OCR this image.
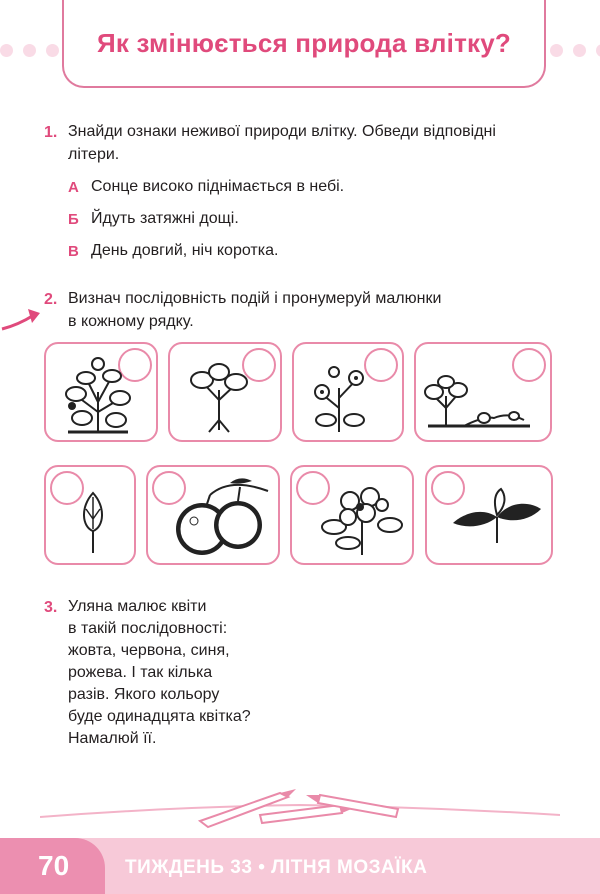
Як змінюється природа влітку?
1. Знайди ознаки неживої природи влітку. Обведи відповідні
літери.
А Сонце високо піднімається в небі.
Б Йдуть затяжні дощі.
В День довгий, ніч коротка.
2. Визнач послідовність подій і пронумеруй малюнки
в кожному рядку.
3. Уляна малює квіти
в такій послідовності:
жовта, червона, синя,
рожева. І так кілька
разів. Якого кольору
буде одинадцята квітка?
Намалюй її.
70	ТИЖДЕНЬ 33 • ЛІТНЯ МОЗАЇКА
